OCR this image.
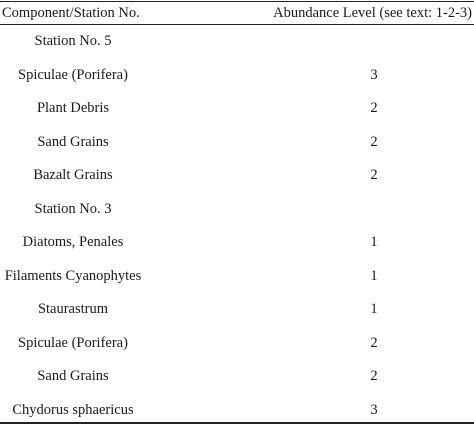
Component/Station No.	Abundance Level (see text: 1-2-3)
Station No. 5
Spiculae (Porifera)	3
Plant Debris	2
Sand Grains	2
Bazalt Grains	2
Station No. 3
Diatoms, Penales	1
Filaments Cyanophytes	1
Staurastrum	1
Spiculae (Porifera)	2
Sand Grains	2
Chydorus sphaericus	3
